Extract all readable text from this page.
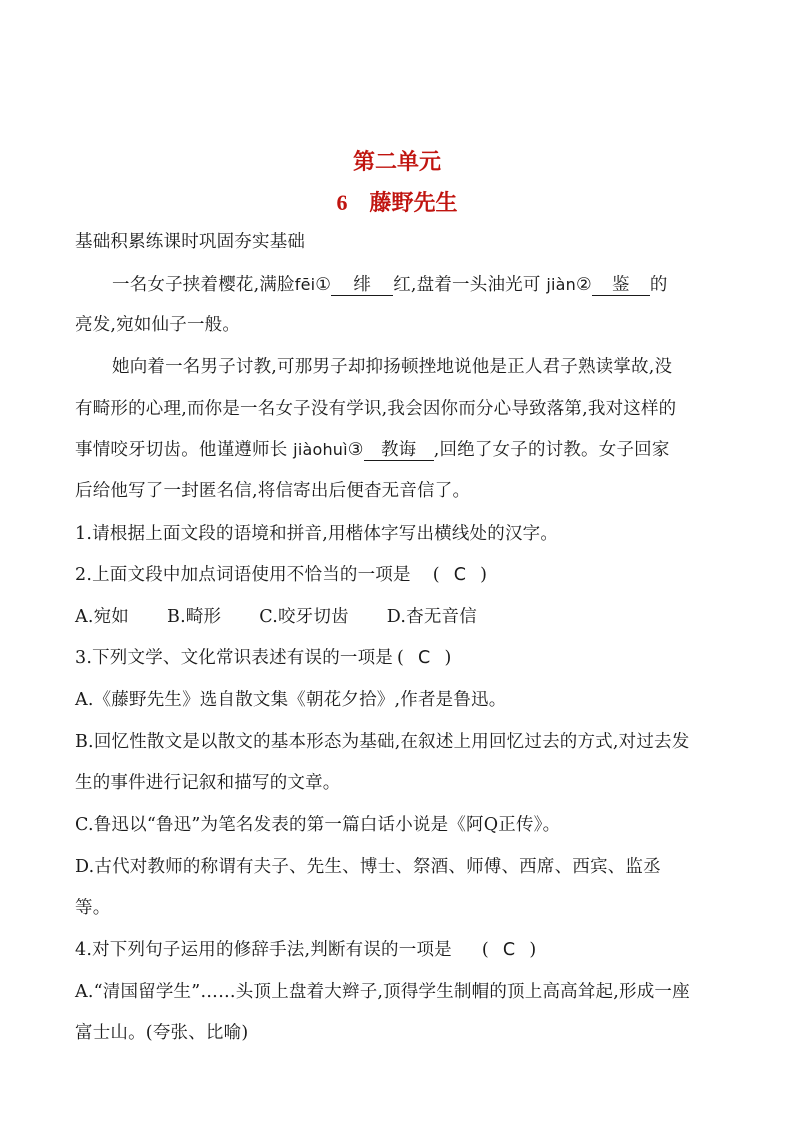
第二单元
6 藤野先生
基础积累练课时巩固夯实基础
一名女子挟着樱花,满脸fēi① 绯 红,盘着一头油光可 jiàn② 鉴 的
亮发,宛如仙子一般。
她向着一名男子讨教,可那男子却抑扬顿挫地说他是正人君子熟读掌故,没
有畸形的心理,而你是一名女子没有学识,我会因你而分心导致落第,我对这样的
事情咬牙切齿。他谨遵师长 jiàohuì③ 教诲 ,回绝了女子的讨教。女子回家
后给他写了一封匿名信,将信寄出后便杳无音信了。
1.请根据上面文段的语境和拼音,用楷体字写出横线处的汉字。
2.上面文段中加点词语使用不恰当的一项是 ( C )
A.宛如 B.畸形 C.咬牙切齿 D.杳无音信
3.下列文学、文化常识表述有误的一项是 ( C )
A.《藤野先生》选自散文集《朝花夕拾》,作者是鲁迅。
B.回忆性散文是以散文的基本形态为基础,在叙述上用回忆过去的方式,对过去发
生的事件进行记叙和描写的文章。
C.鲁迅以“鲁迅”为笔名发表的第一篇白话小说是《阿Q正传》。
D.古代对教师的称谓有夫子、先生、博士、祭酒、师傅、西席、西宾、监丞
等。
4.对下列句子运用的修辞手法,判断有误的一项是 ( C )
A.“清国留学生”……头顶上盘着大辫子,顶得学生制帽的顶上高高耸起,形成一座
富士山。(夸张、比喻)
